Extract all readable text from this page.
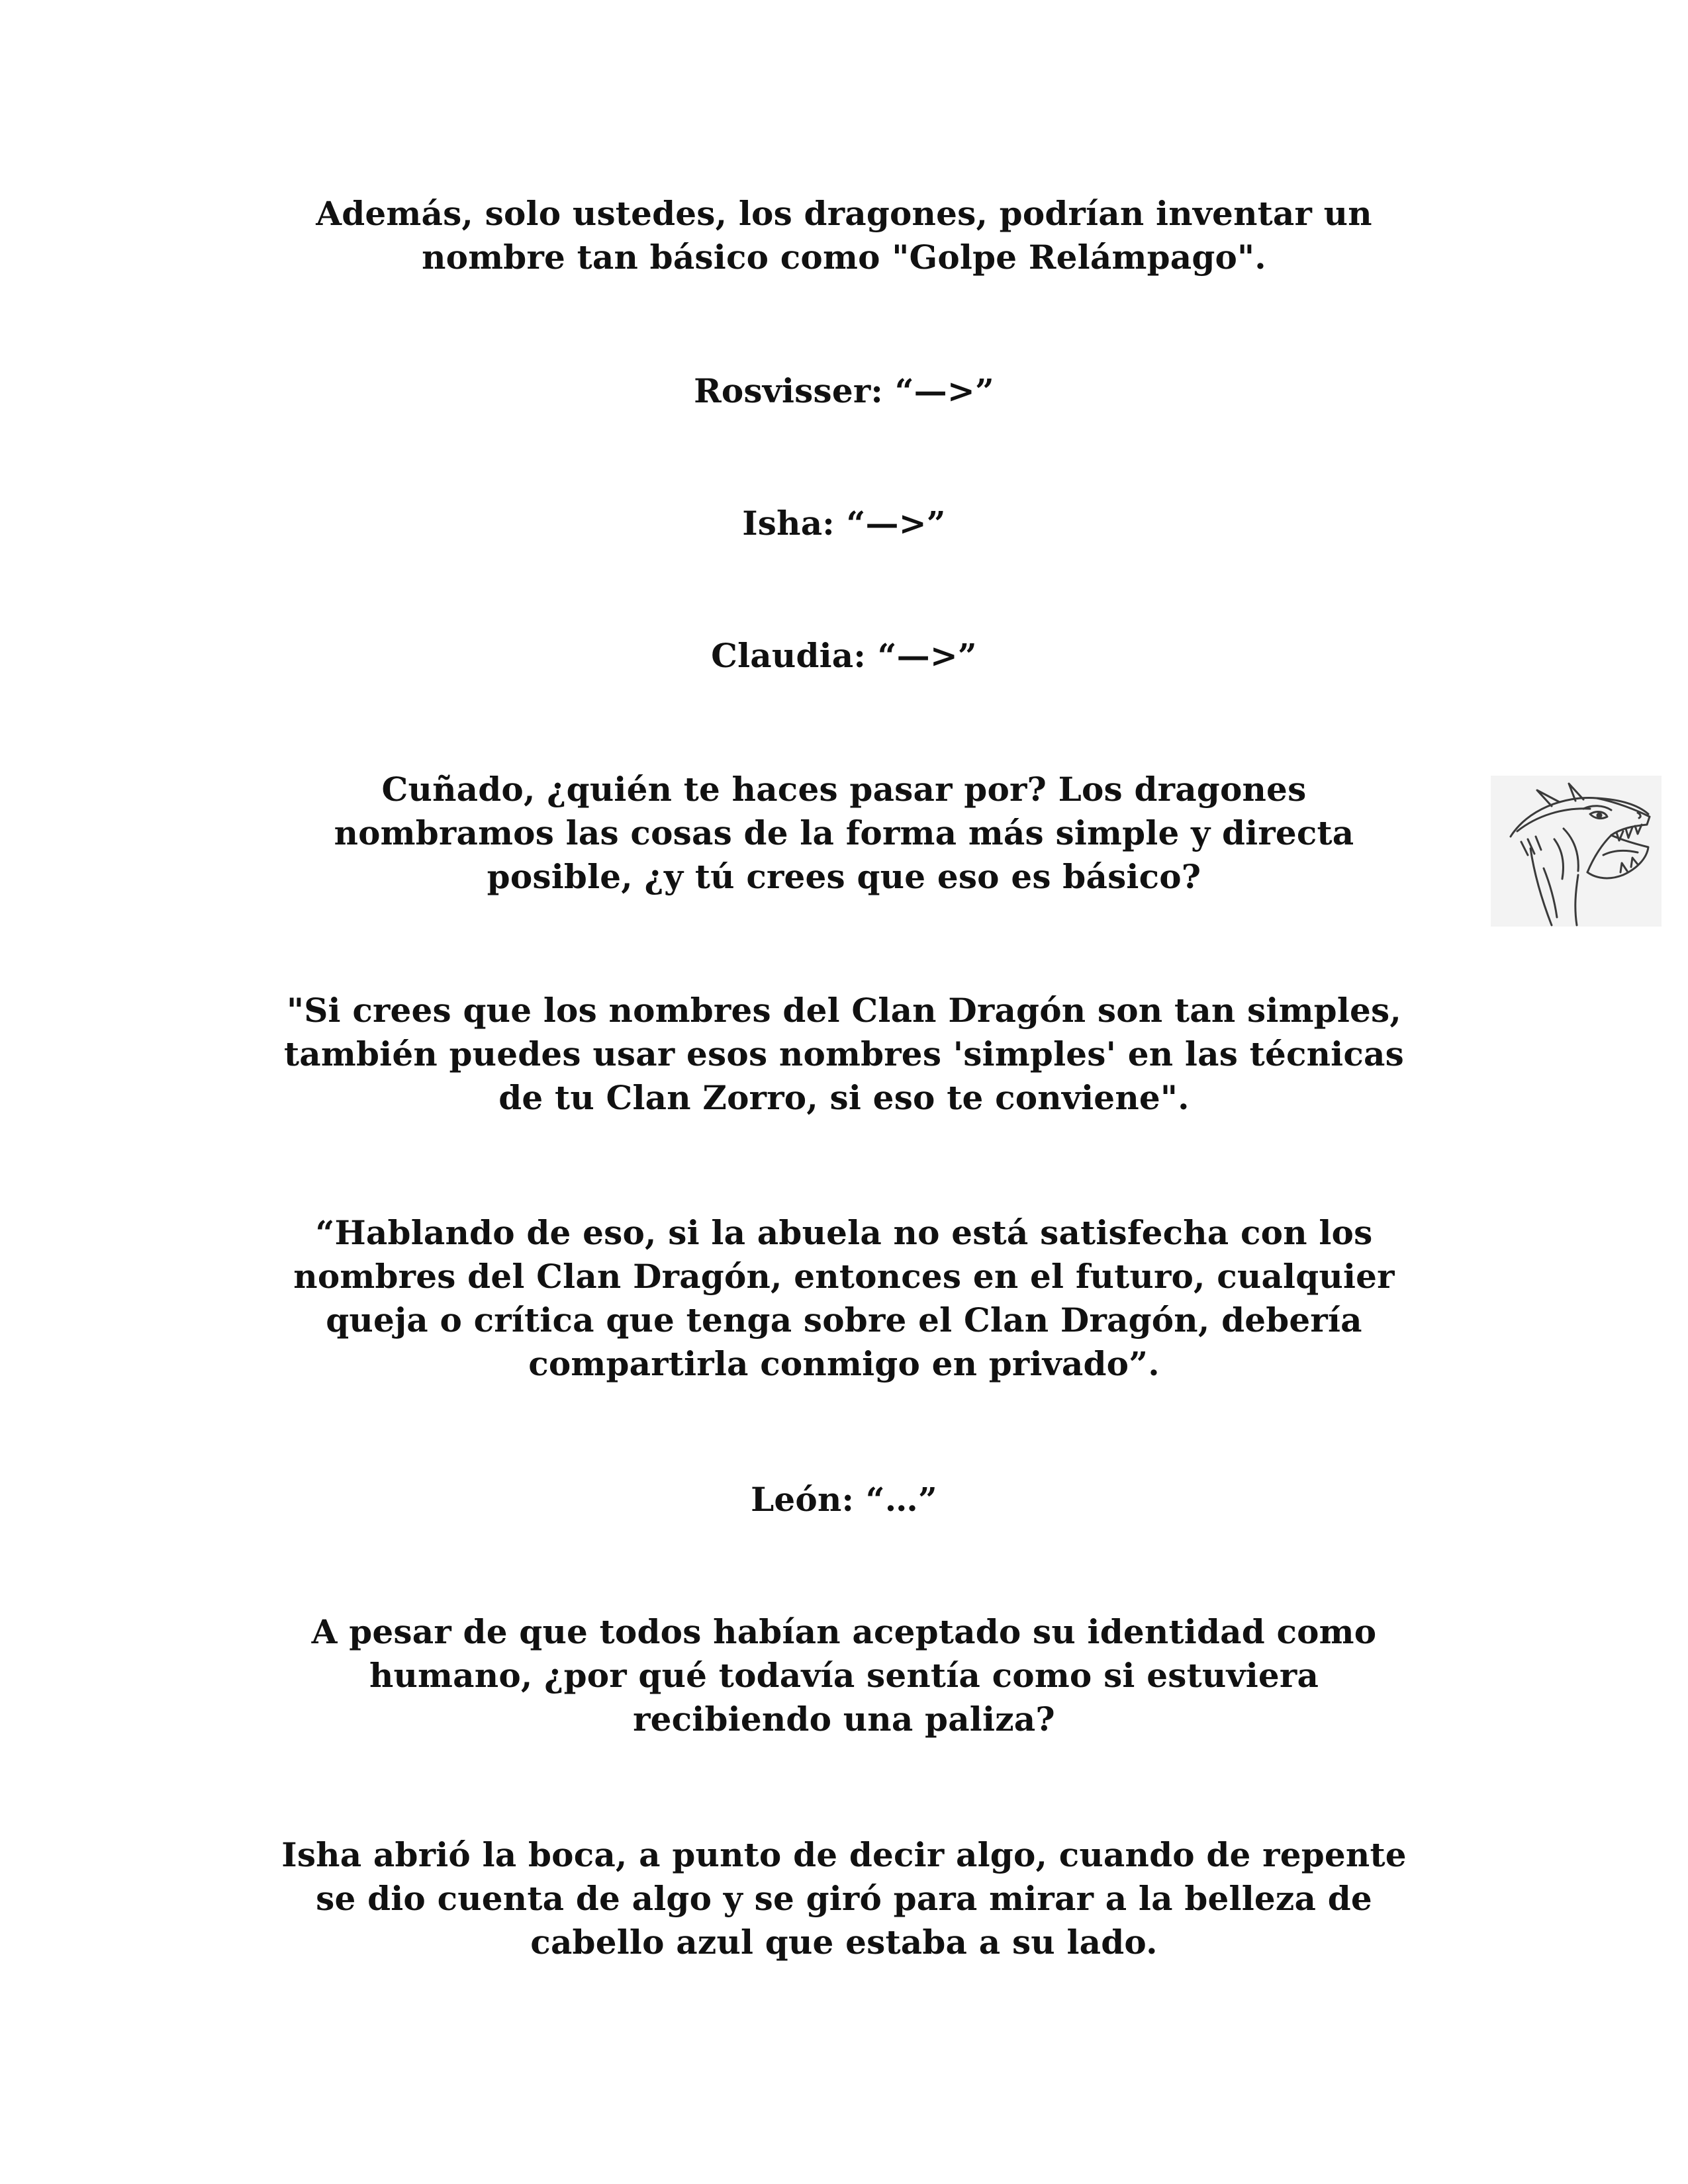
Además, solo ustedes, los dragones, podrían inventar un
nombre tan básico como "Golpe Relámpago".

Rosvisser: “—>”

Isha: “—>”

Claudia: “—>”

Cuñado, ¿quién te haces pasar por? Los dragones
nombramos las cosas de la forma más simple y directa
posible, ¿y tú crees que eso es básico?

"Si crees que los nombres del Clan Dragón son tan simples,
también puedes usar esos nombres 'simples' en las técnicas
de tu Clan Zorro, si eso te conviene".

“Hablando de eso, si la abuela no está satisfecha con los
nombres del Clan Dragón, entonces en el futuro, cualquier
queja o crítica que tenga sobre el Clan Dragón, debería
compartirla conmigo en privado”.

León: “…”

A pesar de que todos habían aceptado su identidad como
humano, ¿por qué todavía sentía como si estuviera
recibiendo una paliza?

Isha abrió la boca, a punto de decir algo, cuando de repente
se dio cuenta de algo y se giró para mirar a la belleza de
cabello azul que estaba a su lado.
